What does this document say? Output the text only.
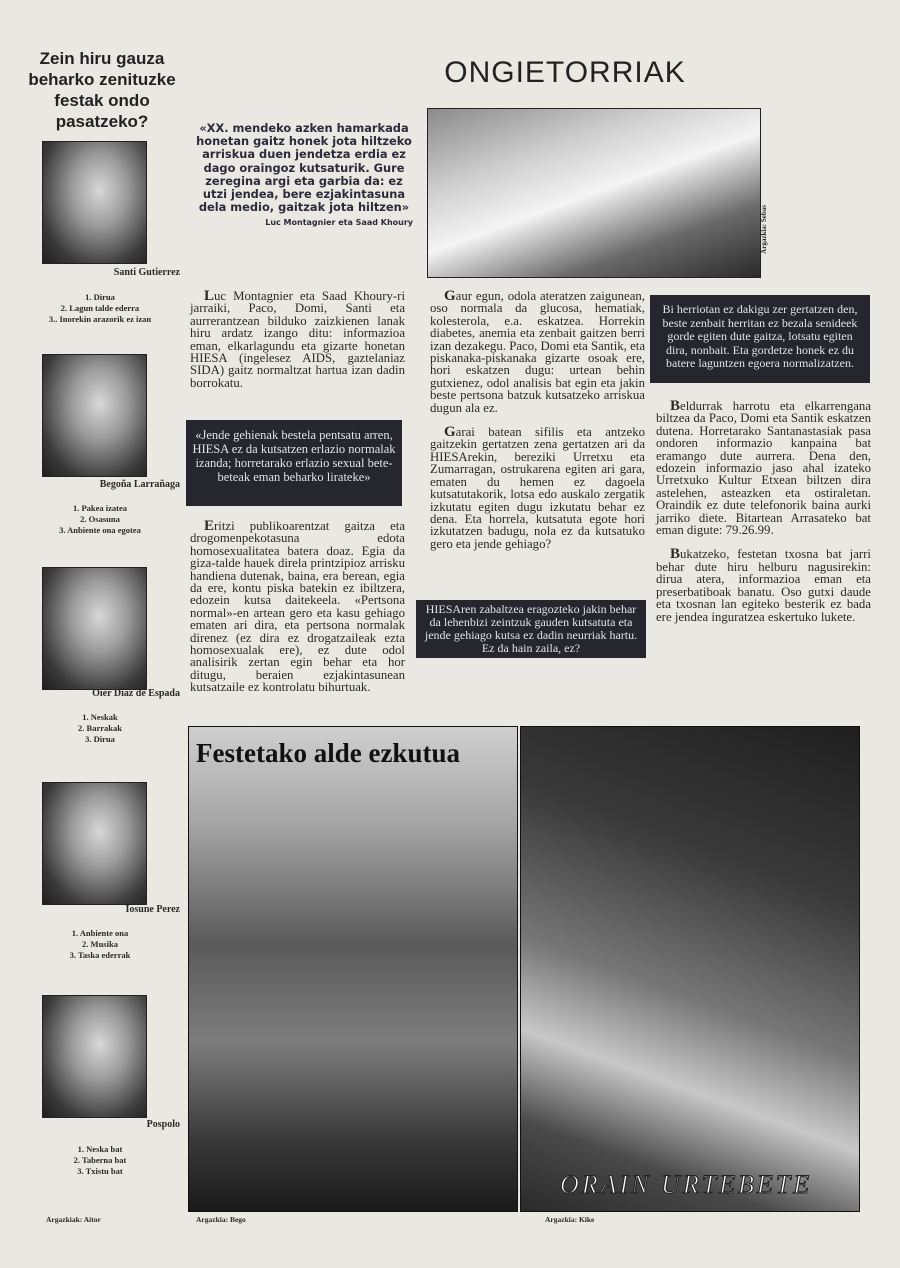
Zein hiru gauza beharko zenituzke festak ondo pasatzeko?
Santi Gutierrez
1. Dirua
2. Lagun talde ederra
3.. Inorekin arazorik ez izan
Begoña Larrañaga
1. Pakea izatea
2. Osasuna
3. Anbiente ona egotea
Oier Diaz de Espada
1. Neskak
2. Barrakak
3. Dirua
Iosune Perez
1. Anbiente ona
2. Musika
3. Taska ederrak
Pospolo
1. Neska bat
2. Taberna bat
3. Txistu bat
Argazkiak: Aitor
ONGIETORRIAK
«XX. mendeko azken hamarkada honetan gaitz honek jota hiltzeko arriskua duen jendetza erdia ez dago oraingoz kutsaturik. Gure zeregina argi eta garbia da: ez utzi jendea, bere ezjakintasuna dela medio, gaitzak jota hiltzen»
Luc Montagnier eta Saad Khoury	Argazkia: Sebas

Luc Montagnier eta Saad Khoury-ri jarraiki, Paco, Domi, Santi eta aurrerantzean bilduko zaizkienen lanak hiru ardatz izango ditu: informazioa eman, elkarlagundu eta gizarte honetan HIESA (ingelesez AIDS, gaztelaniaz SIDA) gaitz normaltzat hartua izan dadin borrokatu.

«Jende gehienak bestela pentsatu arren, HIESA ez da kutsatzen erlazio normalak izanda; horretarako erlazio sexual bete-beteak eman beharko lirateke»

Eritzi publikoarentzat gaitza eta drogomenpekotasuna edota homosexualitatea batera doaz. Egia da giza-talde hauek direla printzipioz arrisku handiena dutenak, baina, era berean, egia da ere, kontu piska batekin ez ibiltzera, edozein kutsa daitekeela. «Pertsona normal»-en artean gero eta kasu gehiago ematen ari dira, eta pertsona normalak direnez (ez dira ez drogatzaileak ezta homosexualak ere), ez dute odol analisirik zertan egin behar eta hor ditugu, beraien ezjakintasunean kutsatzaile ez kontrolatu bihurtuak.

Gaur egun, odola ateratzen zaigunean, oso normala da glucosa, hematiak, kolesterola, e.a. eskatzea. Horrekin diabetes, anemia eta zenbait gaitzen berri izan dezakegu. Paco, Domi eta Santik, eta piskanaka-piskanaka gizarte osoak ere, hori eskatzen dugu: urtean behin gutxienez, odol analisis bat egin eta jakin beste pertsona batzuk kutsatzeko arriskua dugun ala ez.

Garai batean sifilis eta antzeko gaitzekin gertatzen zena gertatzen ari da HIESArekin, bereziki Urretxu eta Zumarragan, ostrukarena egiten ari gara, ematen du hemen ez dagoela kutsatutakorik, lotsa edo auskalo zergatik izkutatu egiten dugu izkutatu behar ez dena. Eta horrela, kutsatuta egote hori izkutatzen badugu, nola ez da kutsatuko gero eta jende gehiago?

HIESAren zabaltzea eragozteko jakin behar da lehenbizi zeintzuk gauden kutsatuta eta jende gehiago kutsa ez dadin neurriak hartu. Ez da hain zaila, ez?
Bi herriotan ez dakigu zer gertatzen den, beste zenbait herritan ez bezala senideek gorde egiten dute gaitza, lotsatu egiten dira, nonbait. Eta gordetze honek ez du batere laguntzen egoera normalizatzen.

Beldurrak harrotu eta elkarrengana biltzea da Paco, Domi eta Santik eskatzen dutena. Horretarako Santanastasiak pasa ondoren informazio kanpaina bat eramango dute aurrera. Dena den, edozein informazio jaso ahal izateko Urretxuko Kultur Etxean biltzen dira astelehen, asteazken eta ostiraletan. Oraindik ez dute telefonorik baina aurki jarriko diete. Bitartean Arrasateko bat eman digute: 79.26.99.

Bukatzeko, festetan txosna bat jarri behar dute hiru helburu nagusirekin: dirua atera, informazioa eman eta preserbatiboak banatu. Oso gutxi daude eta txosnan lan egiteko besterik ez bada ere jendea inguratzea eskertuko lukete.

Festetako alde ezkutua
ORAIN URTEBETE
Argazkia: Bego	Argazkia: Kike
